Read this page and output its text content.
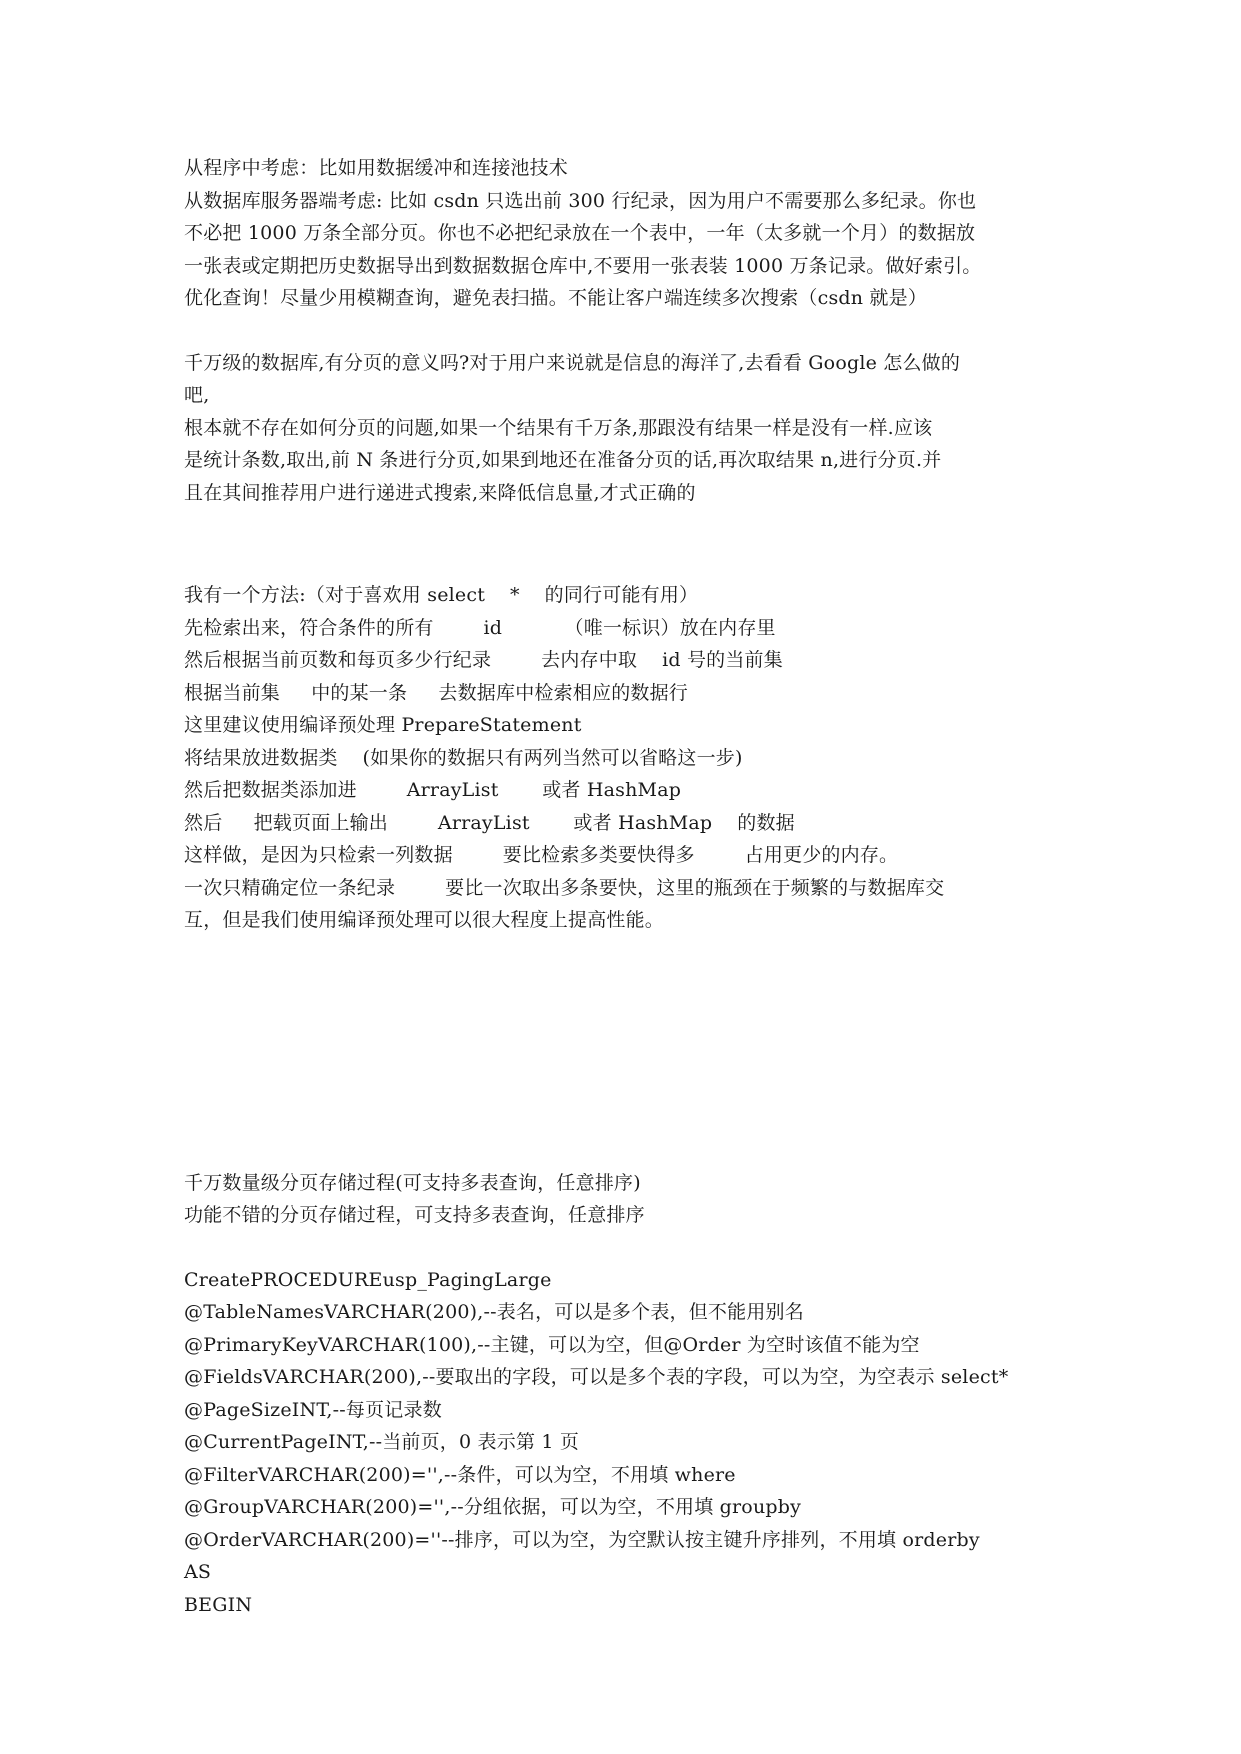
从程序中考虑：比如用数据缓冲和连接池技术
从数据库服务器端考虑: 比如 csdn 只选出前 300 行纪录，因为用户不需要那么多纪录。你也
不必把 1000 万条全部分页。你也不必把纪录放在一个表中，一年（太多就一个月）的数据放
一张表或定期把历史数据导出到数据数据仓库中,不要用一张表装 1000 万条记录。做好索引。
优化查询！尽量少用模糊查询，避免表扫描。不能让客户端连续多次搜索（csdn 就是）
千万级的数据库,有分页的意义吗?对于用户来说就是信息的海洋了,去看看 Google 怎么做的
吧,
根本就不存在如何分页的问题,如果一个结果有千万条,那跟没有结果一样是没有一样.应该
是统计条数,取出,前 N 条进行分页,如果到地还在准备分页的话,再次取结果 n,进行分页.并
且在其间推荐用户进行递进式搜索,来降低信息量,才式正确的
我有一个方法:（对于喜欢用 select    *    的同行可能有用）
先检索出来，符合条件的所有        id          （唯一标识）放在内存里
然后根据当前页数和每页多少行纪录        去内存中取    id 号的当前集
根据当前集     中的某一条     去数据库中检索相应的数据行
这里建议使用编译预处理 PrepareStatement
将结果放进数据类    (如果你的数据只有两列当然可以省略这一步)
然后把数据类添加进        ArrayList       或者 HashMap
然后     把载页面上输出        ArrayList       或者 HashMap    的数据
这样做，是因为只检索一列数据        要比检索多类要快得多        占用更少的内存。
一次只精确定位一条纪录        要比一次取出多条要快，这里的瓶颈在于频繁的与数据库交
互，但是我们使用编译预处理可以很大程度上提高性能。
千万数量级分页存储过程(可支持多表查询，任意排序)
功能不错的分页存储过程，可支持多表查询，任意排序
CreatePROCEDUREusp_PagingLarge
@TableNamesVARCHAR(200),--表名，可以是多个表，但不能用别名
@PrimaryKeyVARCHAR(100),--主键，可以为空，但@Order 为空时该值不能为空
@FieldsVARCHAR(200),--要取出的字段，可以是多个表的字段，可以为空，为空表示 select*
@PageSizeINT,--每页记录数
@CurrentPageINT,--当前页，0 表示第 1 页
@FilterVARCHAR(200)='',--条件，可以为空，不用填 where
@GroupVARCHAR(200)='',--分组依据，可以为空，不用填 groupby
@OrderVARCHAR(200)=''--排序，可以为空，为空默认按主键升序排列，不用填 orderby
AS
BEGIN
